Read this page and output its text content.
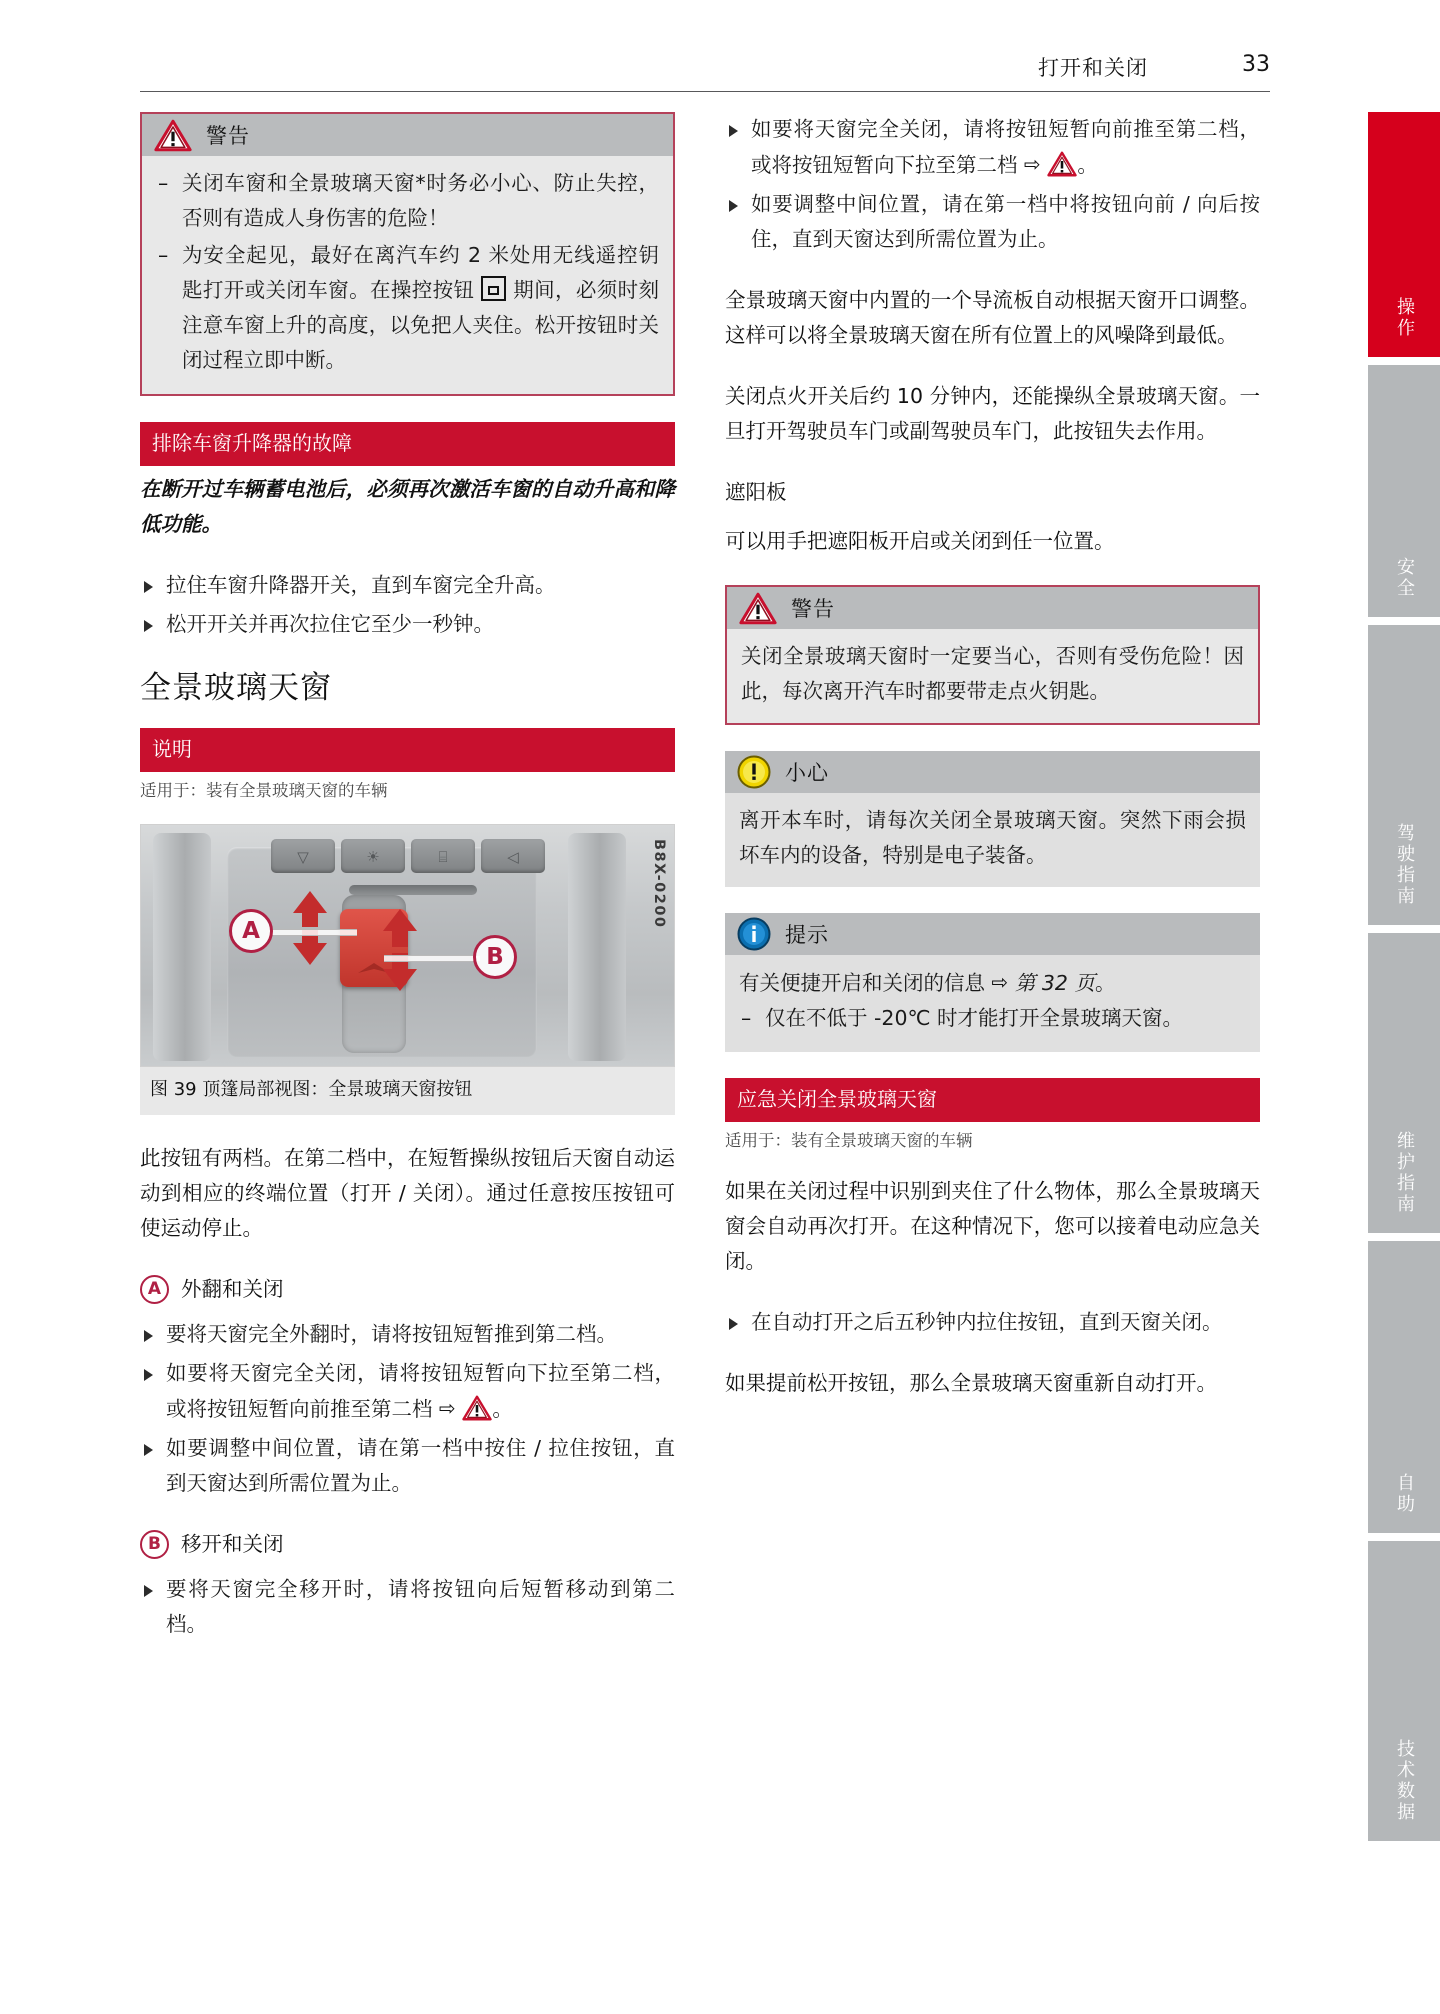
打开和关闭	33
警告
– 关闭车窗和全景玻璃天窗*时务必小心、防止失控，否则有造成人身伤害的危险！
– 为安全起见，最好在离汽车约 2 米处用无线遥控钥匙打开或关闭车窗。在操控按钮 期间，必须时刻注意车窗上升的高度，以免把人夹住。松开按钮时关闭过程立即中断。
排除车窗升降器的故障

在断开过车辆蓄电池后，必须再次激活车窗的自动升高和降低功能。

拉住车窗升降器开关，直到车窗完全升高。
松开开关并再次拉住它至少一秒钟。
全景玻璃天窗
说明
适用于：装有全景玻璃天窗的车辆
▽	☀	⌸	◁
A
B
B8X-0200
图 39 顶篷局部视图：全景玻璃天窗按钮

此按钮有两档。在第二档中，在短暂操纵按钮后天窗自动运动到相应的终端位置（打开 / 关闭）。通过任意按压按钮可使运动停止。

A 外翻和关闭
要将天窗完全外翻时，请将按钮短暂推到第二档。
如要将天窗完全关闭，请将按钮短暂向下拉至第二档，或将按钮短暂向前推至第二档 ⇨ 。
如要调整中间位置，请在第一档中按住 / 拉住按钮，直到天窗达到所需位置为止。
B 移开和关闭
要将天窗完全移开时，请将按钮向后短暂移动到第二档。
如要将天窗完全关闭，请将按钮短暂向前推至第二档，或将按钮短暂向下拉至第二档 ⇨ 。
如要调整中间位置，请在第一档中将按钮向前 / 向后按住，直到天窗达到所需位置为止。

全景玻璃天窗中内置的一个导流板自动根据天窗开口调整。这样可以将全景玻璃天窗在所有位置上的风噪降到最低。

关闭点火开关后约 10 分钟内，还能操纵全景玻璃天窗。一旦打开驾驶员车门或副驾驶员车门，此按钮失去作用。

遮阳板

可以用手把遮阳板开启或关闭到任一位置。

警告
关闭全景玻璃天窗时一定要当心，否则有受伤危险！因此，每次离开汽车时都要带走点火钥匙。
小心
离开本车时，请每次关闭全景玻璃天窗。突然下雨会损坏车内的设备，特别是电子装备。
提示
有关便捷开启和关闭的信息 ⇨ 第 32 页。
– 仅在不低于 -20℃ 时才能打开全景玻璃天窗。
应急关闭全景玻璃天窗
适用于：装有全景玻璃天窗的车辆

如果在关闭过程中识别到夹住了什么物体，那么全景玻璃天窗会自动再次打开。在这种情况下，您可以接着电动应急关闭。

在自动打开之后五秒钟内拉住按钮，直到天窗关闭。

如果提前松开按钮，那么全景玻璃天窗重新自动打开。

操作
安全
驾驶指南
维护指南
自助
技术数据
